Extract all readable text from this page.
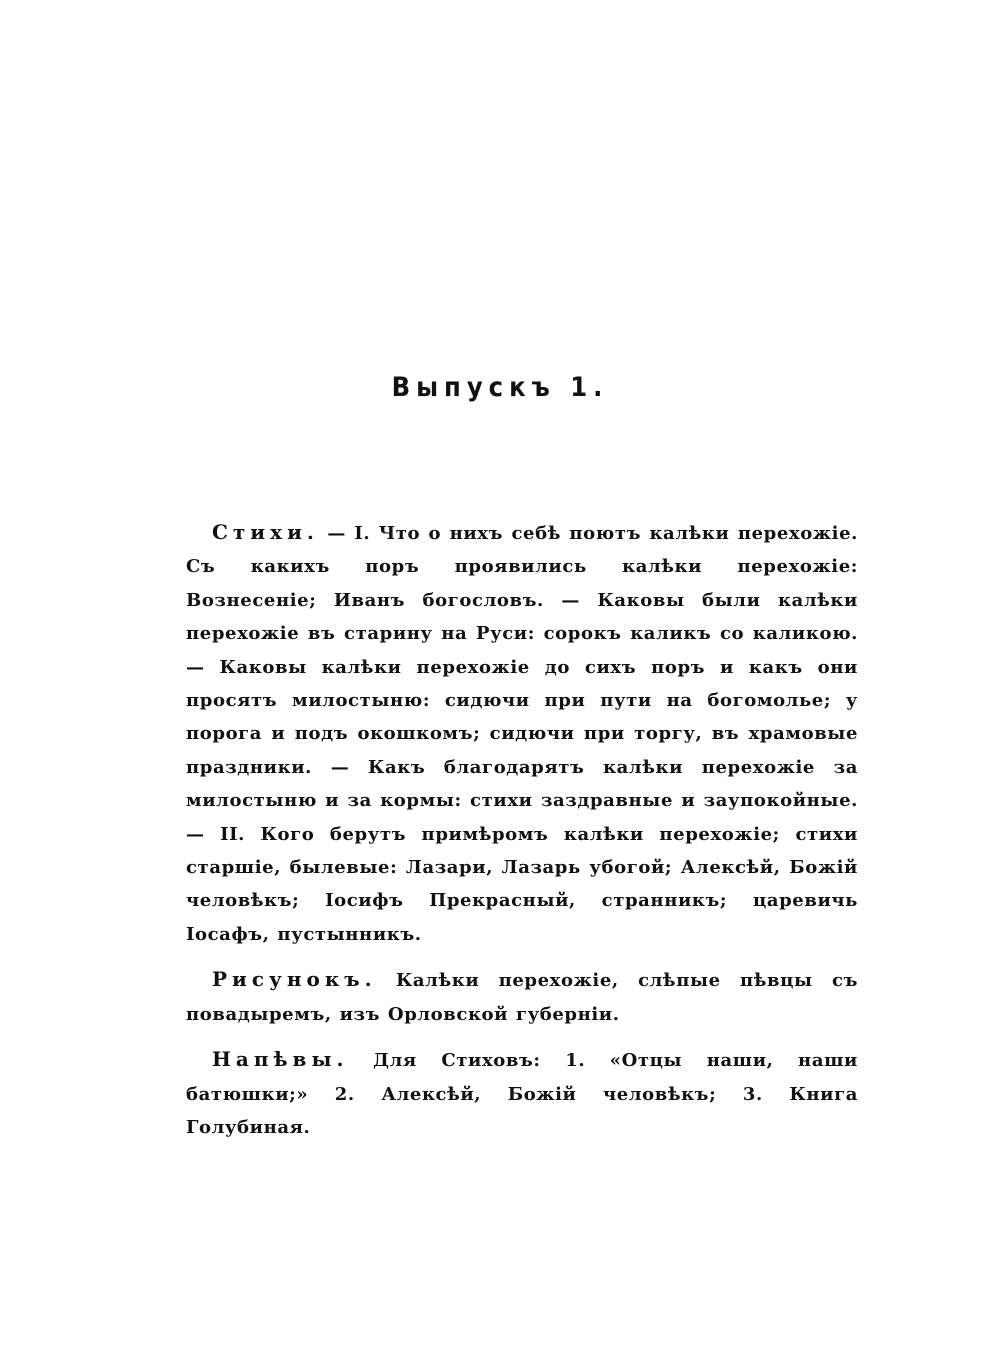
Выпускъ 1.

Стихи. — I. Что о нихъ себѣ поютъ калѣки перехожіе. Съ какихъ поръ проявились калѣки перехожіе: Вознесеніе; Иванъ богословъ. — Каковы были калѣки перехожіе въ старину на Руси: сорокъ каликъ со каликою. — Каковы калѣки перехожіе до сихъ поръ и какъ они просятъ милостыню: сидючи при пути на богомолье; у порога и подъ окошкомъ; сидючи при торгу, въ храмовые праздники. — Какъ благодарятъ калѣки перехожіе за милостыню и за кормы: стихи заздравные и заупокойные. — II. Кого берутъ примѣромъ калѣки перехожіе; стихи старшіе, былевые: Лазари, Лазарь убогой; Алексѣй, Божій человѣкъ; Іосифъ Прекрасный, странникъ; царевичь Іосафъ, пустынникъ.

Рисунокъ. Калѣки перехожіе, слѣпые пѣвцы съ повадыремъ, изъ Орловской губерніи.

Напѣвы. Для Стиховъ: 1. «Отцы наши, наши батюшки;» 2. Алексѣй, Божій человѣкъ; 3. Книга Голубиная.
